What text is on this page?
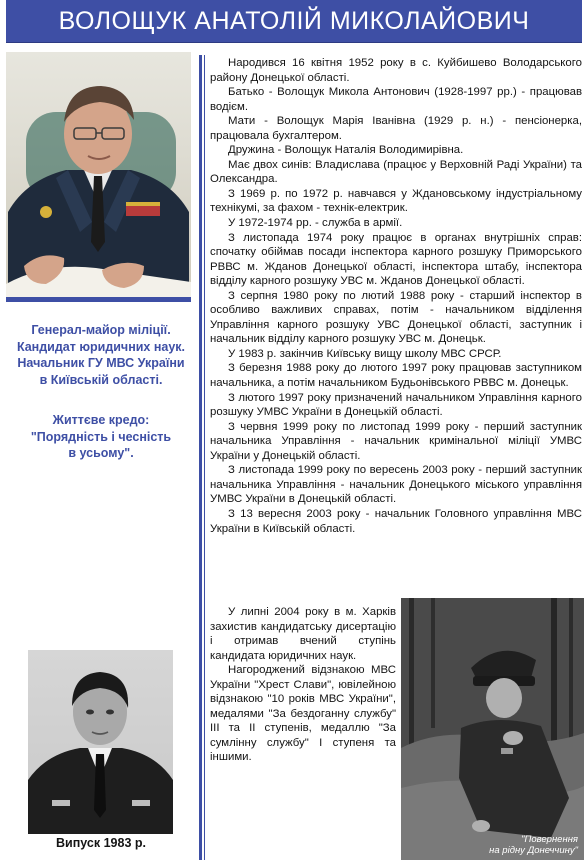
ВОЛОЩУК АНАТОЛІЙ МИКОЛАЙОВИЧ
Генерал-майор міліції.
Кандидат юридичних наук.
Начальник ГУ МВС України
в Київській області.
Життєве кредо:
"Порядність і чесність
в усьому".
Випуск 1983 р.

Народився 16 квітня 1952 року в с. Куйбишево Володарського району Донецької області.

Батько - Волощук Микола Антонович (1928-1997 рр.) - працював водієм.

Мати - Волощук Марія Іванівна (1929 р. н.) - пенсіонерка, працювала бухгалтером.

Дружина - Волощук Наталія Володимирівна.

Має двох синів: Владислава (працює у Верховній Раді України) та Олександра.

З 1969 р. по 1972 р. навчався у Ждановському індустріальному технікумі, за фахом - технік-електрик.

У 1972-1974 рр. - служба в армії.

З листопада 1974 року працює в органах внутрішніх справ: спочатку обіймав посади інспектора карного розшуку Приморського РВВС м. Жданов Донецької області, інспектора штабу, інспектора відділу карного розшуку УВС м. Жданов Донецької області.

З серпня 1980 року по лютий 1988 року - старший інспектор в особливо важливих справах, потім - начальником відділення Управління карного розшуку УВС Донецької області, заступник і начальник відділу карного розшуку УВС м. Донецьк.

У 1983 р. закінчив Київську вищу школу МВС СРСР.

З березня 1988 року до лютого 1997 року працював заступником начальника, а потім начальником Будьонівського РВВС м. Донецьк.

З лютого 1997 року призначений начальником Управління карного розшуку УМВС України в Донецькій області.

З червня 1999 року по листопад 1999 року - перший заступник начальника Управління - начальник кримінальної міліції УМВС України у Донецькій області.

З листопада 1999 року по вересень 2003 року - перший заступник начальника Управління - начальник Донецького міського управління УМВС України в Донецькій області.

З 13 вересня 2003 року - начальник Головного управління МВС України в Київській області.

У липні 2004 року в м. Харків захистив кандидатську дисертацію і отримав вчений ступінь кандидата юридичних наук.

Нагороджений відзнакою МВС України "Хрест Слави", ювілейною відзнакою "10 років МВС України", медалями "За бездоганну службу" III та II ступенів, медаллю "За сумлінну службу" I ступеня та іншими.

"Повернення
на рідну Донеччину"
